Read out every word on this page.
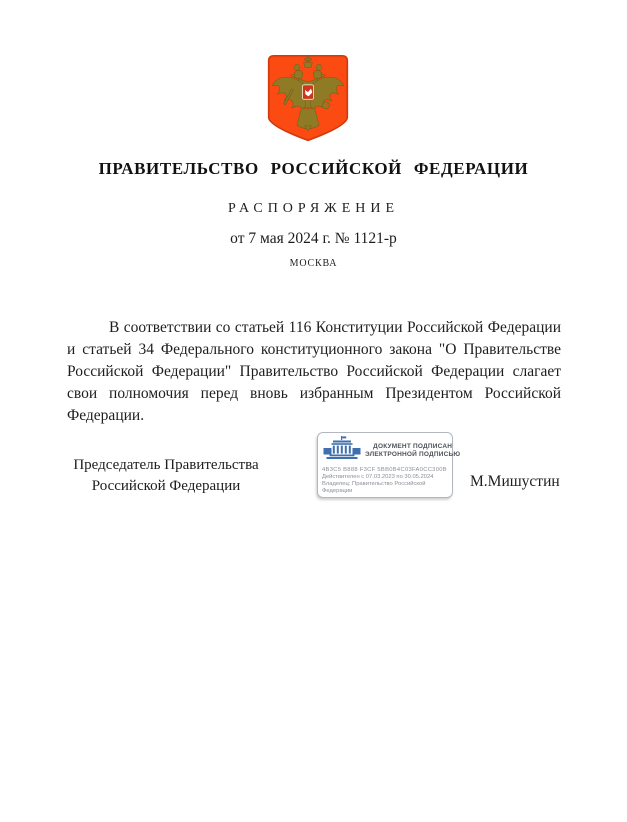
ПРАВИТЕЛЬСТВО РОССИЙСКОЙ ФЕДЕРАЦИИ
РАСПОРЯЖЕНИЕ
от 7 мая 2024 г. № 1121-р
МОСКВА
В соответствии со статьей 116 Конституции Российской Федерации и статьей 34 Федерального конституционного закона "О Правительстве Российской Федерации" Правительство Российской Федерации слагает свои полномочия перед вновь избранным Президентом Российской Федерации.
Председатель Правительства
Российской Федерации
ДОКУМЕНТ ПОДПИСАН
ЭЛЕКТРОННОЙ ПОДПИСЬЮ
4B3C5 B888 F3CF 5BB0B4C03FA0CC300B
Действителен с 07.03.2023 по 30.05.2024
Владелец: Правительство Российской
Федерации
М.Мишустин
